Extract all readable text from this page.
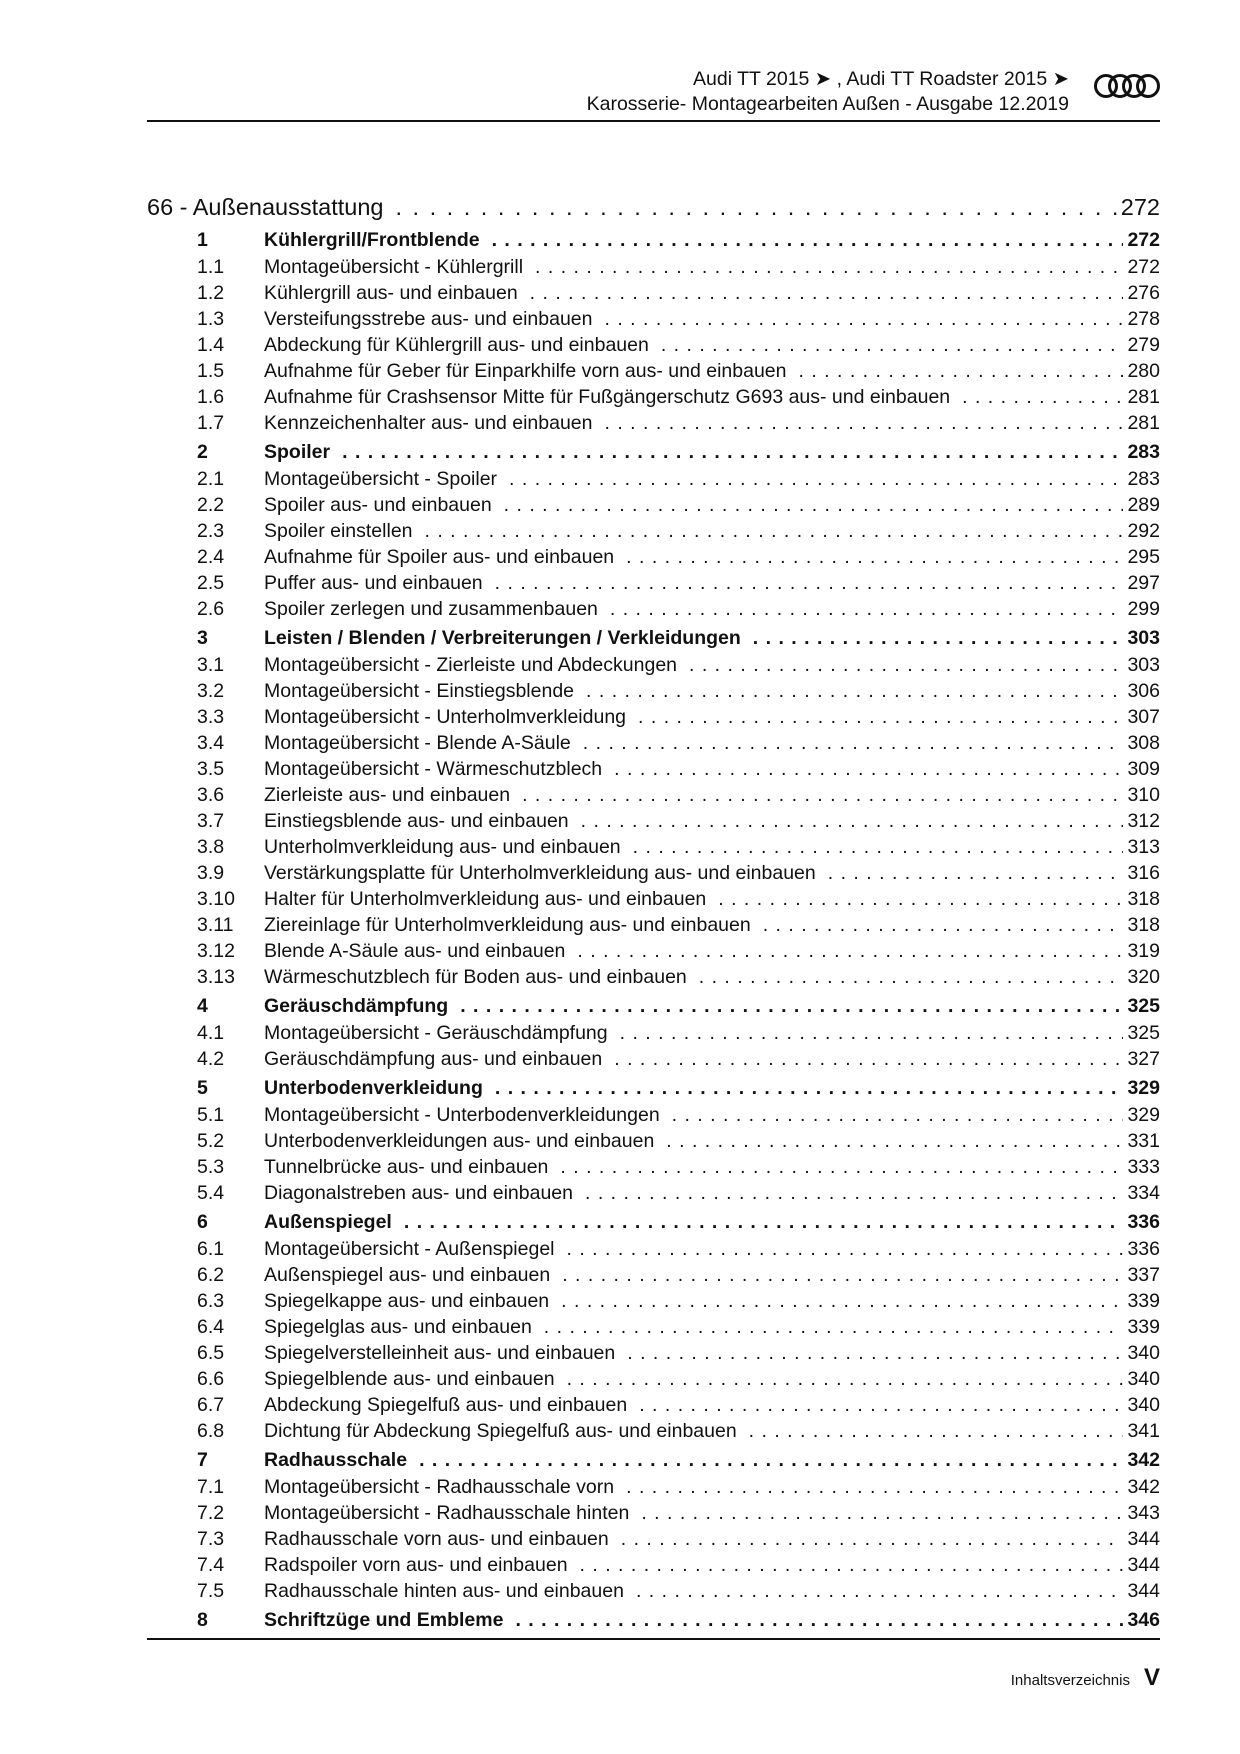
Audi TT 2015 ➤ , Audi TT Roadster 2015 ➤
Karosserie- Montagearbeiten Außen - Ausgabe 12.2019
66 - Außenausstattung . . .	272
1	Kühlergrill/Frontblende . . .	272
1.1	Montageübersicht - Kühlergrill . . .	272
1.2	Kühlergrill aus- und einbauen . . .	276
1.3	Versteifungsstrebe aus- und einbauen . . .	278
1.4	Abdeckung für Kühlergrill aus- und einbauen . . .	279
1.5	Aufnahme für Geber für Einparkhilfe vorn aus- und einbauen . . .	280
1.6	Aufnahme für Crashsensor Mitte für Fußgängerschutz G693 aus- und einbauen . . .	281
1.7	Kennzeichenhalter aus- und einbauen . . .	281
2	Spoiler . . .	283
2.1	Montageübersicht - Spoiler . . .	283
2.2	Spoiler aus- und einbauen . . .	289
2.3	Spoiler einstellen . . .	292
2.4	Aufnahme für Spoiler aus- und einbauen . . .	295
2.5	Puffer aus- und einbauen . . .	297
2.6	Spoiler zerlegen und zusammenbauen . . .	299
3	Leisten / Blenden / Verbreiterungen / Verkleidungen . . .	303
3.1	Montageübersicht - Zierleiste und Abdeckungen . . .	303
3.2	Montageübersicht - Einstiegsblende . . .	306
3.3	Montageübersicht - Unterholmverkleidung . . .	307
3.4	Montageübersicht - Blende A-Säule . . .	308
3.5	Montageübersicht - Wärmeschutzblech . . .	309
3.6	Zierleiste aus- und einbauen . . .	310
3.7	Einstiegsblende aus- und einbauen . . .	312
3.8	Unterholmverkleidung aus- und einbauen . . .	313
3.9	Verstärkungsplatte für Unterholmverkleidung aus- und einbauen . . .	316
3.10	Halter für Unterholmverkleidung aus- und einbauen . . .	318
3.11	Ziereinlage für Unterholmverkleidung aus- und einbauen . . .	318
3.12	Blende A-Säule aus- und einbauen . . .	319
3.13	Wärmeschutzblech für Boden aus- und einbauen . . .	320
4	Geräuschdämpfung . . .	325
4.1	Montageübersicht - Geräuschdämpfung . . .	325
4.2	Geräuschdämpfung aus- und einbauen . . .	327
5	Unterbodenverkleidung . . .	329
5.1	Montageübersicht - Unterbodenverkleidungen . . .	329
5.2	Unterbodenverkleidungen aus- und einbauen . . .	331
5.3	Tunnelbrücke aus- und einbauen . . .	333
5.4	Diagonalstreben aus- und einbauen . . .	334
6	Außenspiegel . . .	336
6.1	Montageübersicht - Außenspiegel . . .	336
6.2	Außenspiegel aus- und einbauen . . .	337
6.3	Spiegelkappe aus- und einbauen . . .	339
6.4	Spiegelglas aus- und einbauen . . .	339
6.5	Spiegelverstelleinheit aus- und einbauen . . .	340
6.6	Spiegelblende aus- und einbauen . . .	340
6.7	Abdeckung Spiegelfuß aus- und einbauen . . .	340
6.8	Dichtung für Abdeckung Spiegelfuß aus- und einbauen . . .	341
7	Radhausschale . . .	342
7.1	Montageübersicht - Radhausschale vorn . . .	342
7.2	Montageübersicht - Radhausschale hinten . . .	343
7.3	Radhausschale vorn aus- und einbauen . . .	344
7.4	Radspoiler vorn aus- und einbauen . . .	344
7.5	Radhausschale hinten aus- und einbauen . . .	344
8	Schriftzüge und Embleme . . .	346
Inhaltsverzeichnis V
